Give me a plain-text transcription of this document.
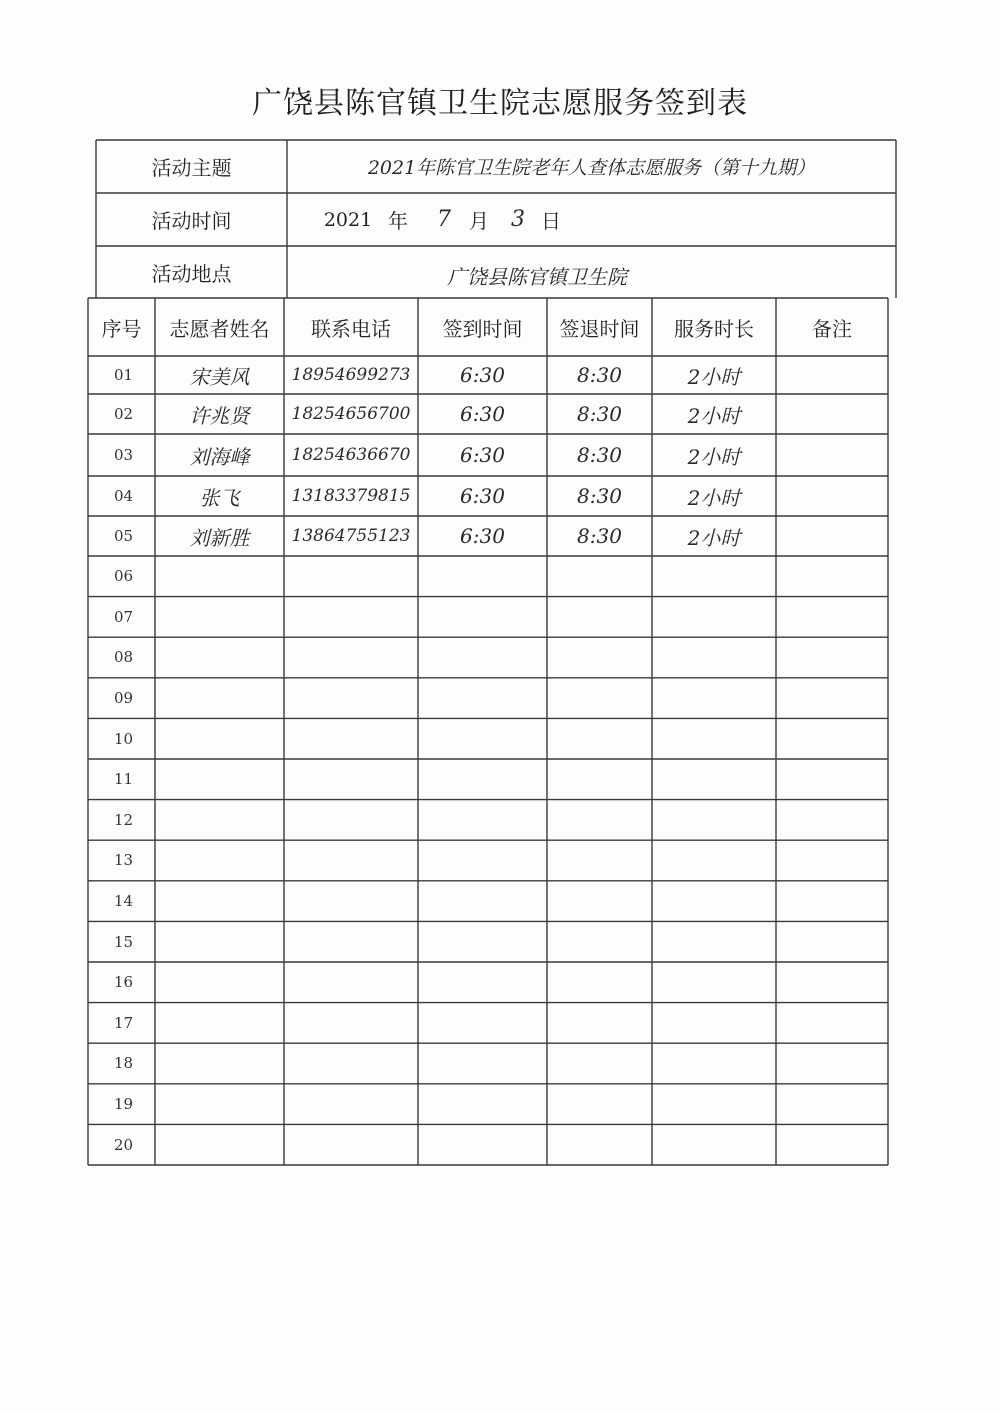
广饶县陈官镇卫生院志愿服务签到表
活动主题	2021年陈官卫生院老年人查体志愿服务（第十九期）
活动时间	2021 年	7 月	3 日
活动地点	广饶县陈官镇卫生院
序号	志愿者姓名	联系电话	签到时间	签退时间	服务时长	备注
01	宋美风	18954699273	6:30	8:30	2小时
02	许兆贤	18254656700	6:30	8:30	2小时
03	刘海峰	18254636670	6:30	8:30	2小时
04	张飞	13183379815	6:30	8:30	2小时
05	刘新胜	13864755123	6:30	8:30	2小时
06
07
08
09
10
11
12
13
14
15
16
17
18
19
20
